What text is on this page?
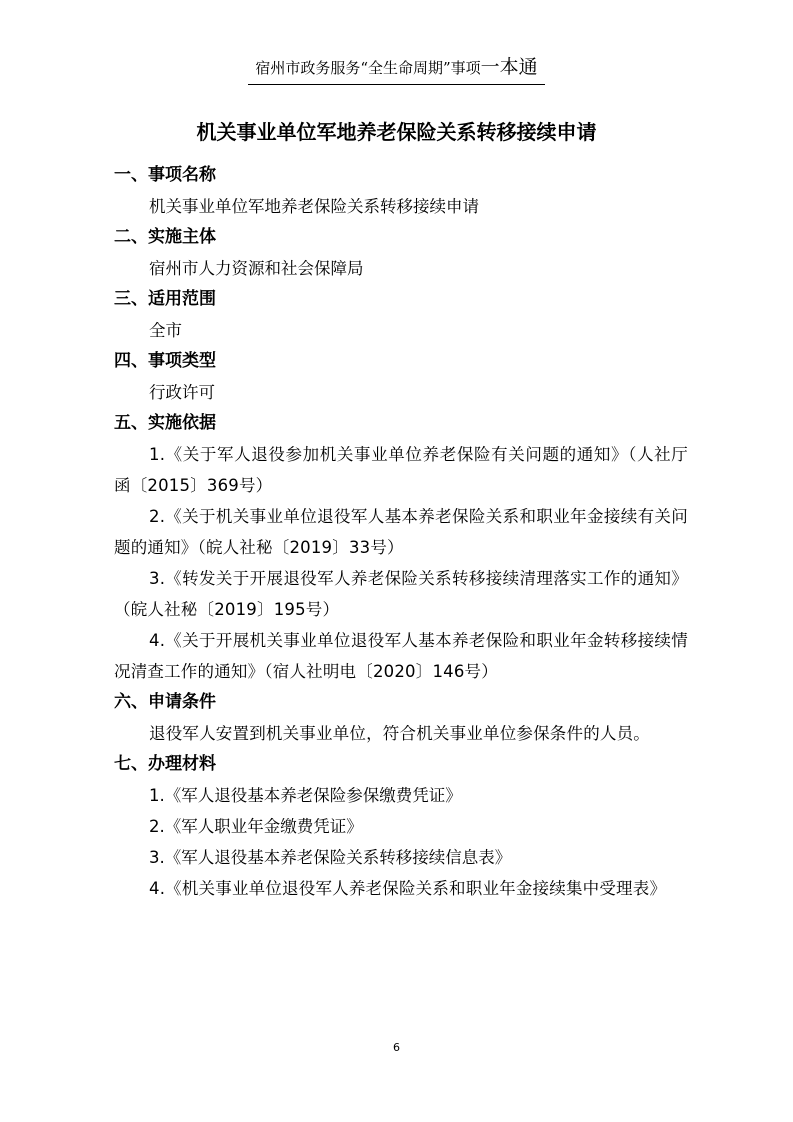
宿州市政务服务“全生命周期”事项一本通
机关事业单位军地养老保险关系转移接续申请
一、事项名称
机关事业单位军地养老保险关系转移接续申请
二、实施主体
宿州市人力资源和社会保障局
三、适用范围
全市
四、事项类型
行政许可
五、实施依据
1.《关于军人退役参加机关事业单位养老保险有关问题的通知》（人社厅函〔2015〕369号）
2.《关于机关事业单位退役军人基本养老保险关系和职业年金接续有关问题的通知》（皖人社秘〔2019〕33号）
3.《转发关于开展退役军人养老保险关系转移接续清理落实工作的通知》（皖人社秘〔2019〕195号）
4.《关于开展机关事业单位退役军人基本养老保险和职业年金转移接续情况清查工作的通知》（宿人社明电〔2020〕146号）
六、申请条件
退役军人安置到机关事业单位，符合机关事业单位参保条件的人员。
七、办理材料
1.《军人退役基本养老保险参保缴费凭证》
2.《军人职业年金缴费凭证》
3.《军人退役基本养老保险关系转移接续信息表》
4.《机关事业单位退役军人养老保险关系和职业年金接续集中受理表》
6
